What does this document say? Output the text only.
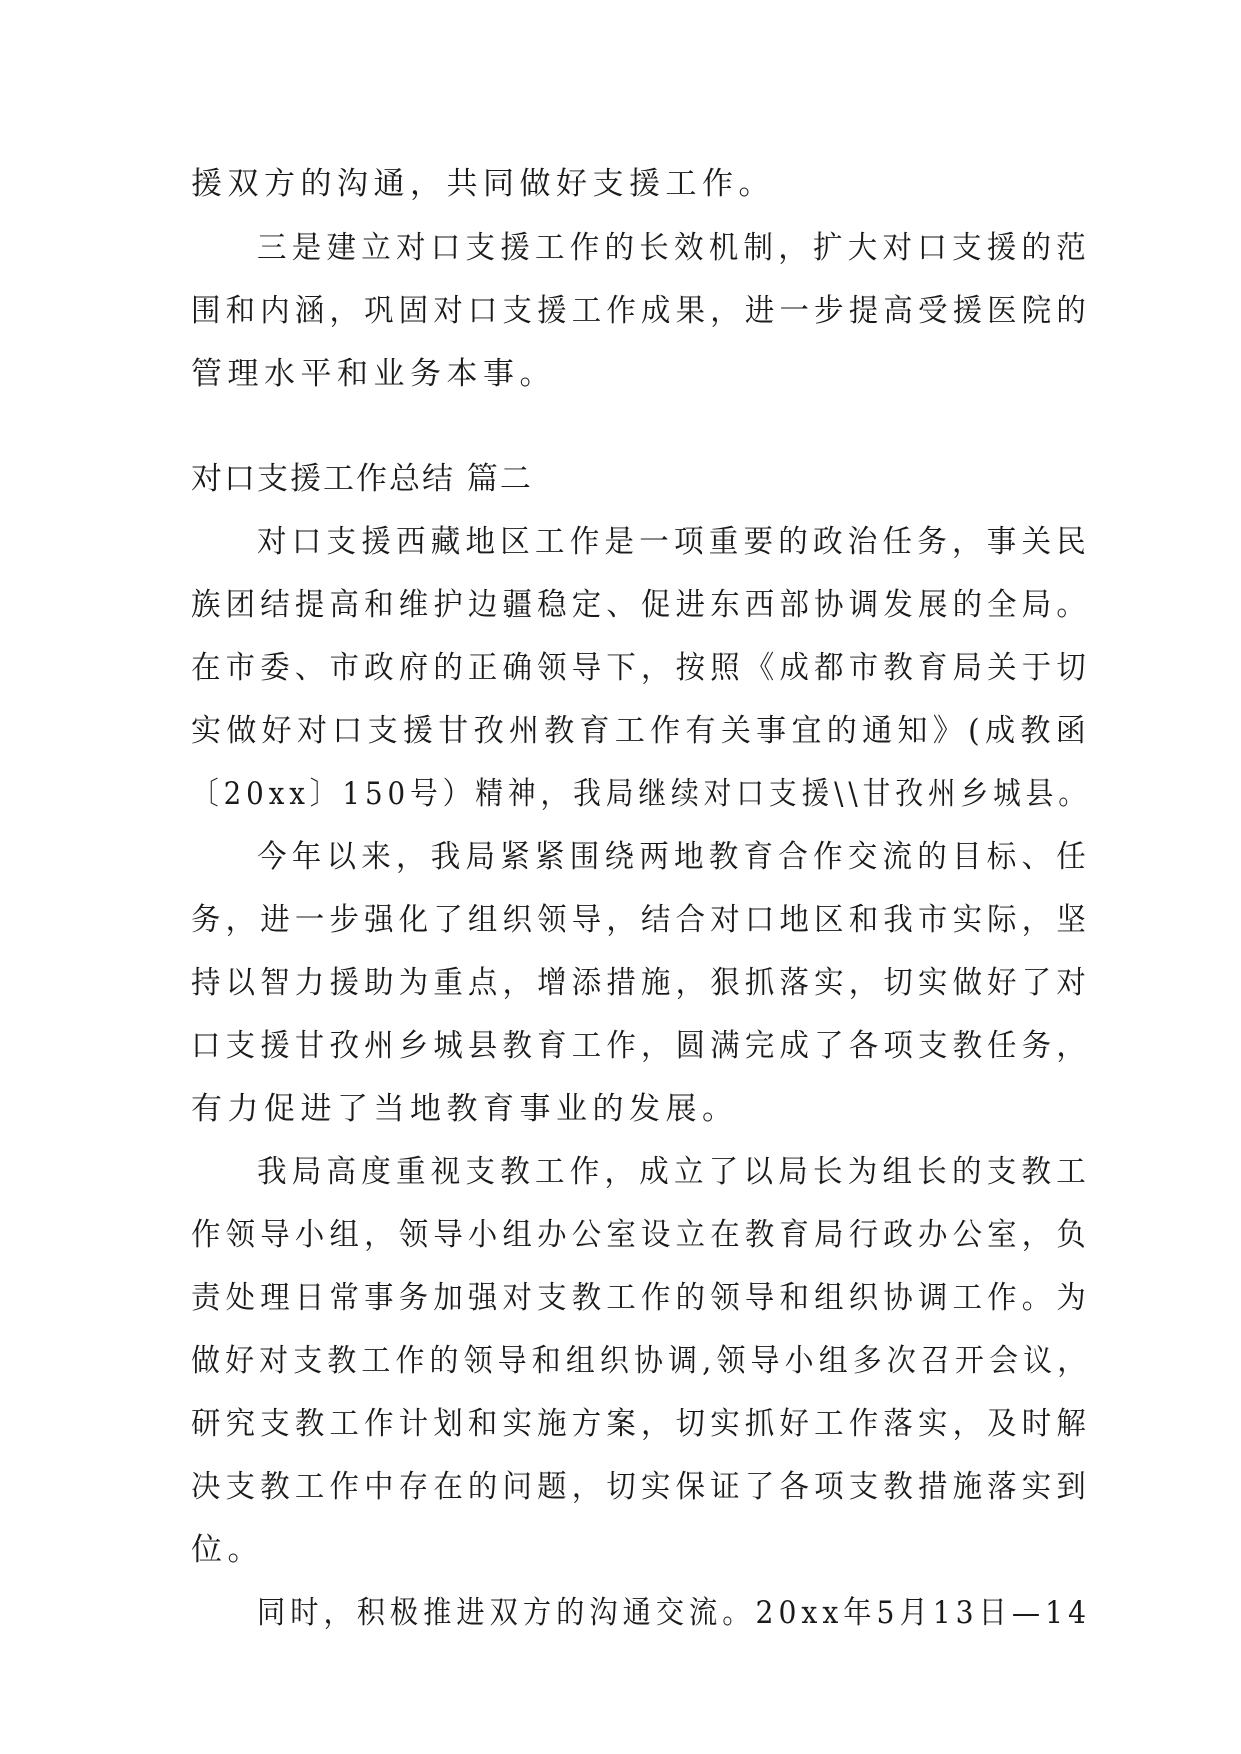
援双方的沟通，共同做好支援工作。
三是建立对口支援工作的长效机制，扩大对口支援的范
围和内涵，巩固对口支援工作成果，进一步提高受援医院的
管理水平和业务本事。
对口支援工作总结 篇二
对口支援西藏地区工作是一项重要的政治任务，事关民
族团结提高和维护边疆稳定、促进东西部协调发展的全局。
在市委、市政府的正确领导下，按照《成都市教育局关于切
实做好对口支援甘孜州教育工作有关事宜的通知》(成教函
〔20xx〕150号）精神，我局继续对口支援\\甘孜州乡城县。
今年以来，我局紧紧围绕两地教育合作交流的目标、任
务，进一步强化了组织领导，结合对口地区和我市实际，坚
持以智力援助为重点，增添措施，狠抓落实，切实做好了对
口支援甘孜州乡城县教育工作，圆满完成了各项支教任务，
有力促进了当地教育事业的发展。
我局高度重视支教工作，成立了以局长为组长的支教工
作领导小组，领导小组办公室设立在教育局行政办公室，负
责处理日常事务加强对支教工作的领导和组织协调工作。为
做好对支教工作的领导和组织协调,领导小组多次召开会议，
研究支教工作计划和实施方案，切实抓好工作落实，及时解
决支教工作中存在的问题，切实保证了各项支教措施落实到
位。
同时，积极推进双方的沟通交流。20xx年5月13日—14
